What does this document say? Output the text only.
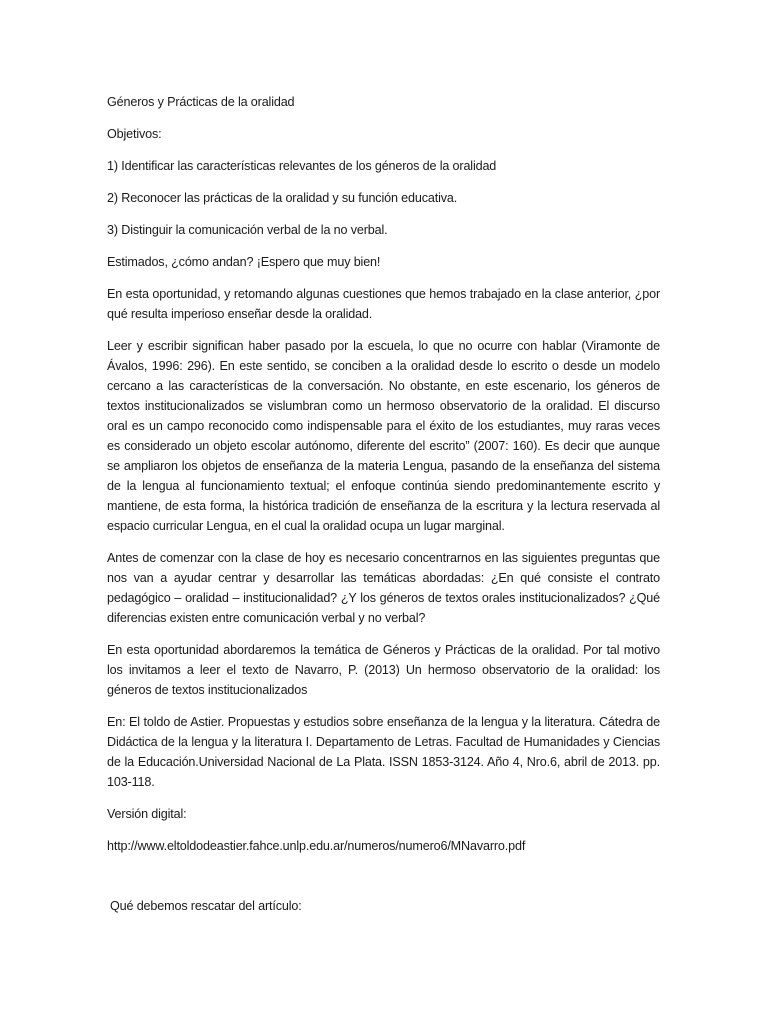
Géneros y Prácticas de la oralidad
Objetivos:
1) Identificar las características relevantes de los géneros de la oralidad
2) Reconocer las prácticas de la oralidad y su función educativa.
3) Distinguir la comunicación verbal de la no verbal.
Estimados, ¿cómo andan? ¡Espero que muy bien!

En esta oportunidad, y retomando algunas cuestiones que hemos trabajado en la clase anterior, ¿por qué resulta imperioso enseñar desde la oralidad.

Leer y escribir significan haber pasado por la escuela, lo que no ocurre con hablar (Viramonte de Ávalos, 1996: 296). En este sentido, se conciben a la oralidad desde lo escrito o desde un modelo cercano a las características de la conversación. No obstante, en este escenario, los géneros de textos institucionalizados se vislumbran como un hermoso observatorio de la oralidad. El discurso oral es un campo reconocido como indispensable para el éxito de los estudiantes, muy raras veces es considerado un objeto escolar autónomo, diferente del escrito” (2007: 160). Es decir que aunque se ampliaron los objetos de enseñanza de la materia Lengua, pasando de la enseñanza del sistema de la lengua al funcionamiento textual; el enfoque continúa siendo predominantemente escrito y mantiene, de esta forma, la histórica tradición de enseñanza de la escritura y la lectura reservada al espacio curricular Lengua, en el cual la oralidad ocupa un lugar marginal.

Antes de comenzar con la clase de hoy es necesario concentrarnos en las siguientes preguntas que nos van a ayudar centrar y desarrollar las temáticas abordadas: ¿En qué consiste el contrato pedagógico – oralidad – institucionalidad? ¿Y los géneros de textos orales institucionalizados? ¿Qué diferencias existen entre comunicación verbal y no verbal?

En esta oportunidad abordaremos la temática de Géneros y Prácticas de la oralidad. Por tal motivo los invitamos a leer el texto de Navarro, P. (2013) Un hermoso observatorio de la oralidad: los géneros de textos institucionalizados

En: El toldo de Astier. Propuestas y estudios sobre enseñanza de la lengua y la literatura. Cátedra de Didáctica de la lengua y la literatura I. Departamento de Letras. Facultad de Humanidades y Ciencias de la Educación.Universidad Nacional de La Plata. ISSN 1853-3124. Año 4, Nro.6, abril de 2013. pp. 103-118.

Versión digital:
http://www.eltoldodeastier.fahce.unlp.edu.ar/numeros/numero6/MNavarro.pdf
Qué debemos rescatar del artículo:
